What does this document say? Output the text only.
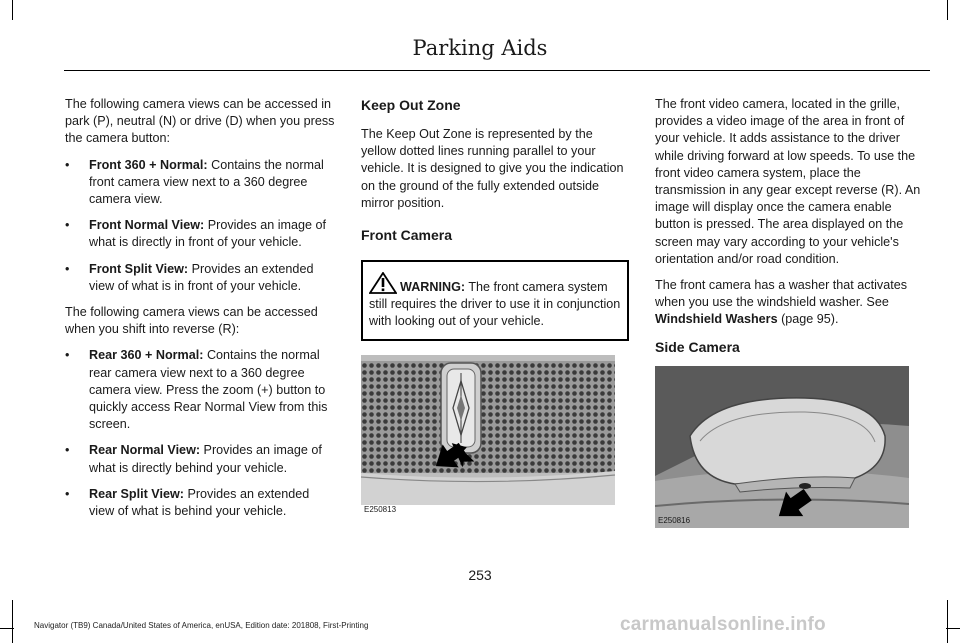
Parking Aids

The following camera views can be accessed in park (P), neutral (N) or drive (D) when you press the camera button:

• Front 360 + Normal: Contains the normal front camera view next to a 360 degree camera view.
• Front Normal View: Provides an image of what is directly in front of your vehicle.
• Front Split View: Provides an extended view of what is in front of your vehicle.

The following camera views can be accessed when you shift into reverse (R):

• Rear 360 + Normal: Contains the normal rear camera view next to a 360 degree camera view. Press the zoom (+) button to quickly access Rear Normal View from this screen.
• Rear Normal View: Provides an image of what is directly behind your vehicle.
• Rear Split View: Provides an extended view of what is behind your vehicle.
Keep Out Zone

The Keep Out Zone is represented by the yellow dotted lines running parallel to your vehicle. It is designed to give you the indication on the ground of the fully extended outside mirror position.

Front Camera
WARNING: The front camera system still requires the driver to use it in conjunction with looking out of your vehicle.
E250813

The front video camera, located in the grille, provides a video image of the area in front of your vehicle. It adds assistance to the driver while driving forward at low speeds. To use the front video camera system, place the transmission in any gear except reverse (R). An image will display once the camera enable button is pressed. The area displayed on the screen may vary according to your vehicle's orientation and/or road condition.

The front camera has a washer that activates when you use the windshield washer. See Windshield Washers (page 95).

Side Camera
E250816
253
Navigator (TB9) Canada/United States of America, enUSA, Edition date: 201808, First-Printing	carmanualsonline.info
